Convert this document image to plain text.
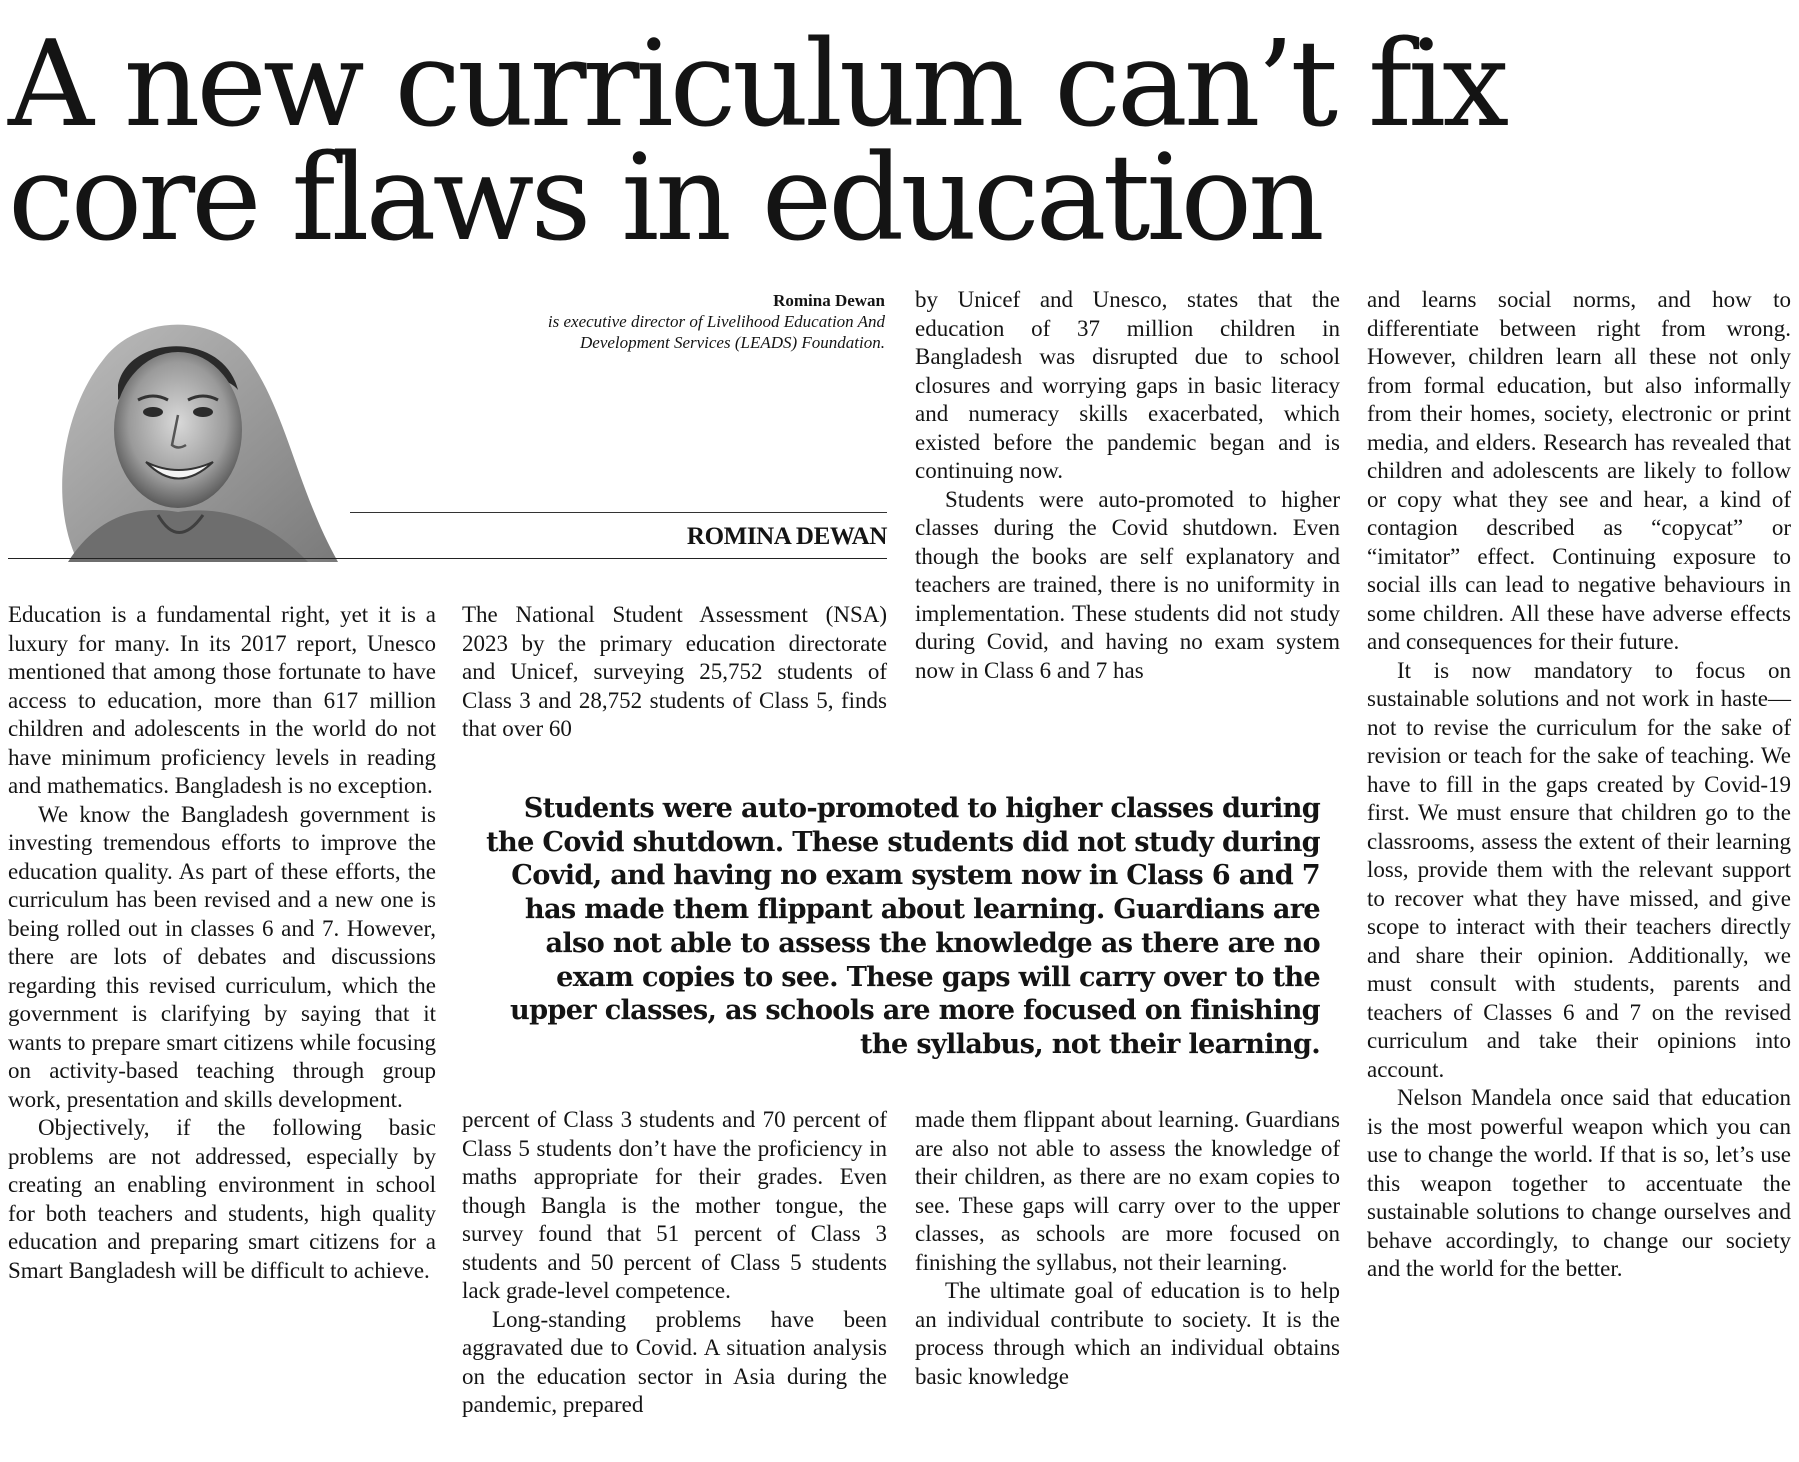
A new curriculum can’t fix core flaws in education
Romina Dewan
is executive director of Livelihood Education And Development Services (LEADS) Foundation.
ROMINA DEWAN

Education is a fundamental right, yet it is a luxury for many. In its 2017 report, Unesco mentioned that among those fortunate to have access to education, more than 617 million children and adolescents in the world do not have minimum proficiency levels in reading and mathematics. Bangladesh is no exception.

We know the Bangladesh government is investing tremendous efforts to improve the education quality. As part of these efforts, the curriculum has been revised and a new one is being rolled out in classes 6 and 7. However, there are lots of debates and discussions regarding this revised curriculum, which the government is clarifying by saying that it wants to prepare smart citizens while focusing on activity-based teaching through group work, presentation and skills development.

Objectively, if the following basic problems are not addressed, especially by creating an enabling environment in school for both teachers and students, high quality education and preparing smart citizens for a Smart Bangladesh will be difficult to achieve.

The National Student Assessment (NSA) 2023 by the primary education directorate and Unicef, surveying 25,752 students of Class 3 and 28,752 students of Class 5, finds that over 60

percent of Class 3 students and 70 percent of Class 5 students don’t have the proficiency in maths appropriate for their grades. Even though Bangla is the mother tongue, the survey found that 51 percent of Class 3 students and 50 percent of Class 5 students lack grade-level competence.

Long-standing problems have been aggravated due to Covid. A situation analysis on the education sector in Asia during the pandemic, prepared

by Unicef and Unesco, states that the education of 37 million children in Bangladesh was disrupted due to school closures and worrying gaps in basic literacy and numeracy skills exacerbated, which existed before the pandemic began and is continuing now.

Students were auto-promoted to higher classes during the Covid shutdown. Even though the books are self explanatory and teachers are trained, there is no uniformity in implementation. These students did not study during Covid, and having no exam system now in Class 6 and 7 has

made them flippant about learning. Guardians are also not able to assess the knowledge of their children, as there are no exam copies to see. These gaps will carry over to the upper classes, as schools are more focused on finishing the syllabus, not their learning.

The ultimate goal of education is to help an individual contribute to society. It is the process through which an individual obtains basic knowledge

Students were auto-promoted to higher classes during the Covid shutdown. These students did not study during Covid, and having no exam system now in Class 6 and 7 has made them flippant about learning. Guardians are also not able to assess the knowledge as there are no exam copies to see. These gaps will carry over to the upper classes, as schools are more focused on finishing the syllabus, not their learning.

and learns social norms, and how to differentiate between right from wrong. However, children learn all these not only from formal education, but also informally from their homes, society, electronic or print media, and elders. Research has revealed that children and adolescents are likely to follow or copy what they see and hear, a kind of contagion described as “copycat” or “imitator” effect. Continuing exposure to social ills can lead to negative behaviours in some children. All these have adverse effects and consequences for their future.

It is now mandatory to focus on sustainable solutions and not work in haste—not to revise the curriculum for the sake of revision or teach for the sake of teaching. We have to fill in the gaps created by Covid-19 first. We must ensure that children go to the classrooms, assess the extent of their learning loss, provide them with the relevant support to recover what they have missed, and give scope to interact with their teachers directly and share their opinion. Additionally, we must consult with students, parents and teachers of Classes 6 and 7 on the revised curriculum and take their opinions into account.

Nelson Mandela once said that education is the most powerful weapon which you can use to change the world. If that is so, let’s use this weapon together to accentuate the sustainable solutions to change ourselves and behave accordingly, to change our society and the world for the better.
